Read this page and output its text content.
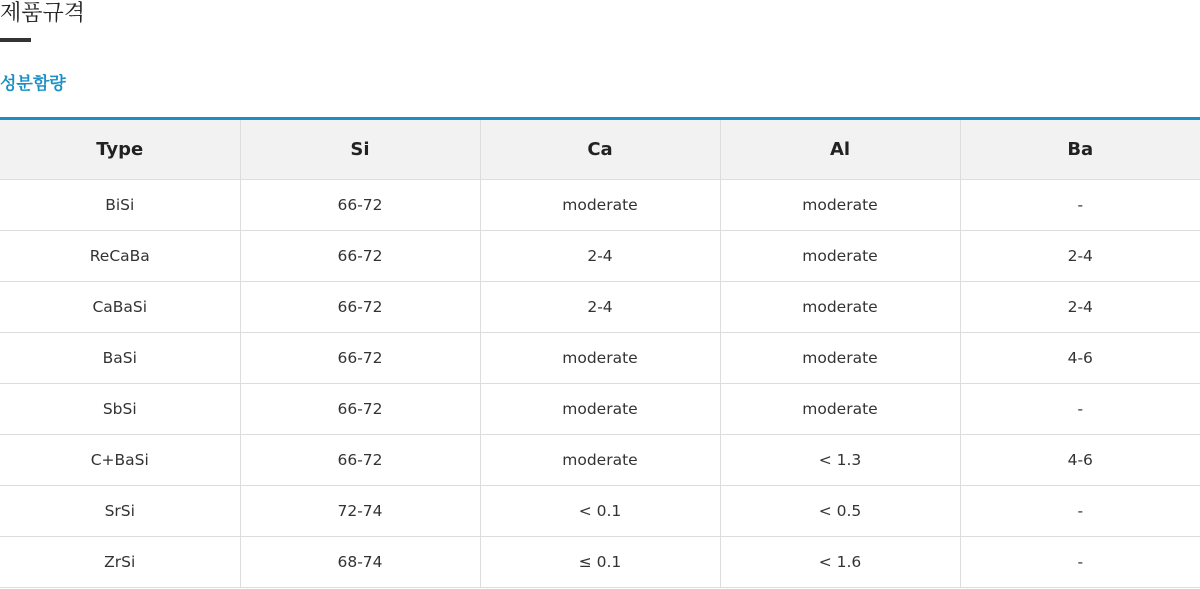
제품규격
성분함량
Type	Si	Ca	Al	Ba
BiSi	66-72	moderate	moderate	-
ReCaBa	66-72	2-4	moderate	2-4
CaBaSi	66-72	2-4	moderate	2-4
BaSi	66-72	moderate	moderate	4-6
SbSi	66-72	moderate	moderate	-
C+BaSi	66-72	moderate	< 1.3	4-6
SrSi	72-74	< 0.1	< 0.5	-
ZrSi	68-74	≤ 0.1	< 1.6	-
